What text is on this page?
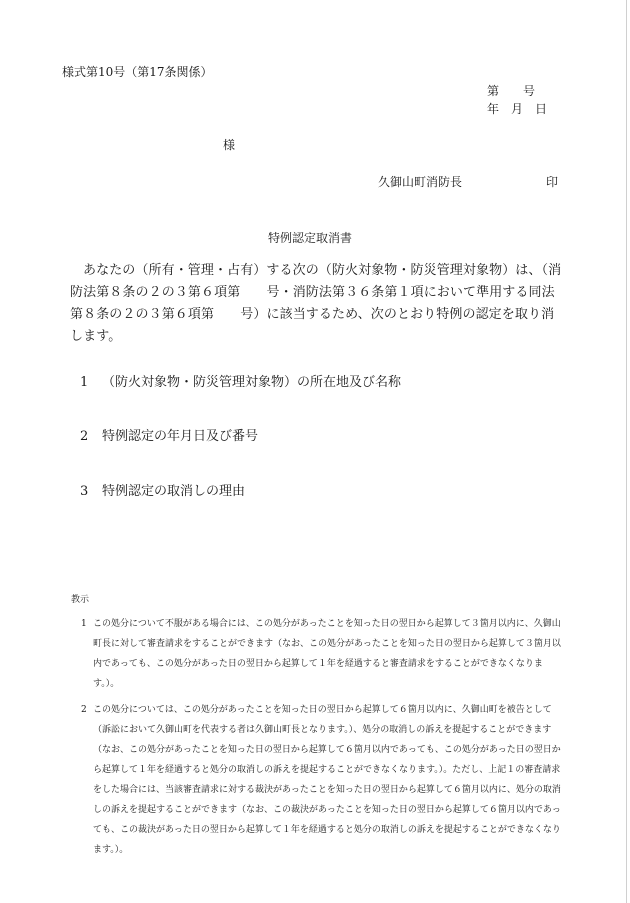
様式第10号（第17条関係）
第　　号
年　月　日
様
久御山町消防長	印
特例認定取消書
あなたの（所有・管理・占有）する次の（防火対象物・防災管理対象物）は、（消防法第８条の２の３第６項第　　号・消防法第３６条第１項において準用する同法第８条の２の３第６項第　　号）に該当するため、次のとおり特例の認定を取り消します。
1 （防火対象物・防災管理対象物）の所在地及び名称
2 特例認定の年月日及び番号
3 特例認定の取消しの理由
教示
1 この処分について不服がある場合には、この処分があったことを知った日の翌日から起算して３箇月以内に、久御山町長に対して審査請求をすることができます（なお、この処分があったことを知った日の翌日から起算して３箇月以内であっても、この処分があった日の翌日から起算して１年を経過すると審査請求をすることができなくなります。）。
2 この処分については、この処分があったことを知った日の翌日から起算して６箇月以内に、久御山町を被告として（訴訟において久御山町を代表する者は久御山町長となります。）、処分の取消しの訴えを提起することができます（なお、この処分があったことを知った日の翌日から起算して６箇月以内であっても、この処分があった日の翌日から起算して１年を経過すると処分の取消しの訴えを提起することができなくなります。）。ただし、上記１の審査請求をした場合には、当該審査請求に対する裁決があったことを知った日の翌日から起算して６箇月以内に、処分の取消しの訴えを提起することができます（なお、この裁決があったことを知った日の翌日から起算して６箇月以内であっても、この裁決があった日の翌日から起算して１年を経過すると処分の取消しの訴えを提起することができなくなります。）。
